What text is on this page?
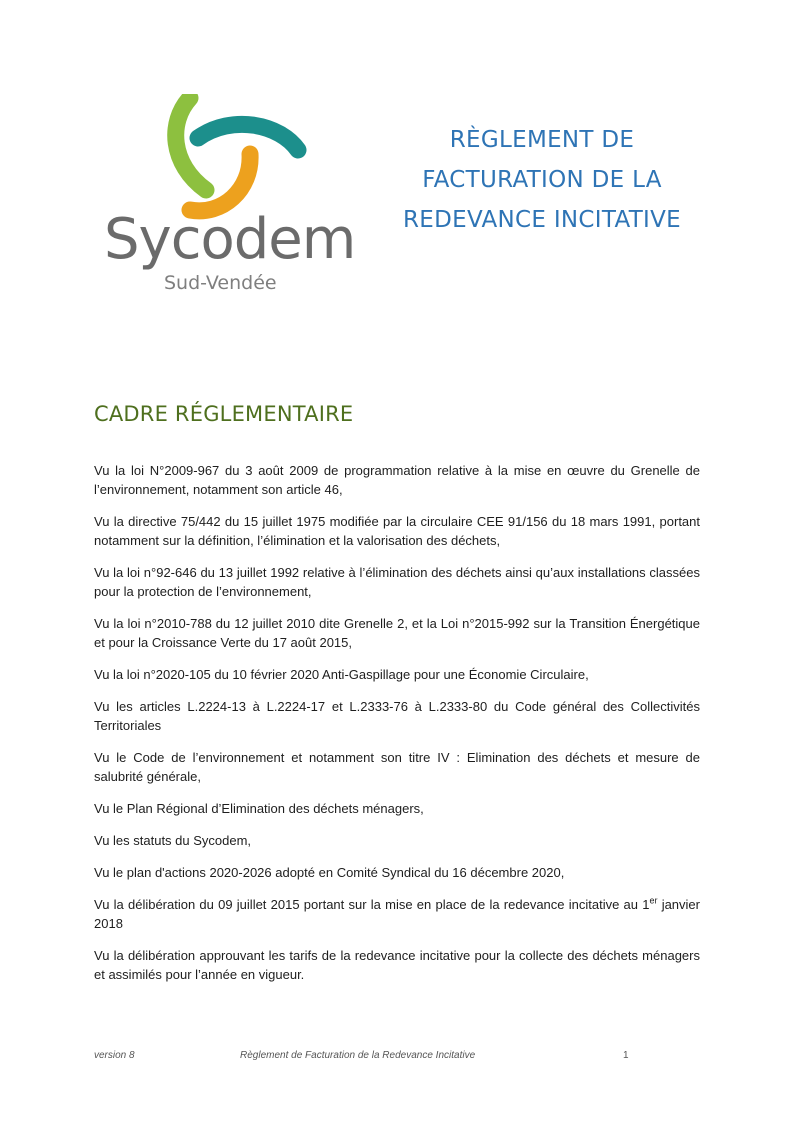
Sycodem
Sud-Vendée
RÈGLEMENT DE
FACTURATION DE LA
REDEVANCE INCITATIVE
CADRE RÉGLEMENTAIRE

Vu la loi N°2009-967 du 3 août 2009 de programmation relative à la mise en œuvre du Grenelle de l’environnement, notamment son article 46,

Vu la directive 75/442 du 15 juillet 1975 modifiée par la circulaire CEE 91/156 du 18 mars 1991, portant notamment sur la définition, l’élimination et la valorisation des déchets,

Vu la loi n°92-646 du 13 juillet 1992 relative à l’élimination des déchets ainsi qu’aux installations classées pour la protection de l’environnement,

Vu la loi n°2010-788 du 12 juillet 2010 dite Grenelle 2, et la Loi n°2015-992 sur la Transition Énergétique et pour la Croissance Verte du 17 août 2015,

Vu la loi n°2020-105 du 10 février 2020 Anti-Gaspillage pour une Économie Circulaire,

Vu les articles L.2224-13 à L.2224-17 et L.2333-76 à L.2333-80 du Code général des Collectivités Territoriales

Vu le Code de l’environnement et notamment son titre IV : Elimination des déchets et mesure de salubrité générale,

Vu le Plan Régional d’Elimination des déchets ménagers,

Vu les statuts du Sycodem,

Vu le plan d'actions 2020-2026 adopté en Comité Syndical du 16 décembre 2020,

Vu la délibération du 09 juillet 2015 portant sur la mise en place de la redevance incitative au 1er janvier 2018

Vu la délibération approuvant les tarifs de la redevance incitative pour la collecte des déchets ménagers et assimilés pour l’année en vigueur.

version 8	Règlement de Facturation de la Redevance Incitative	1
